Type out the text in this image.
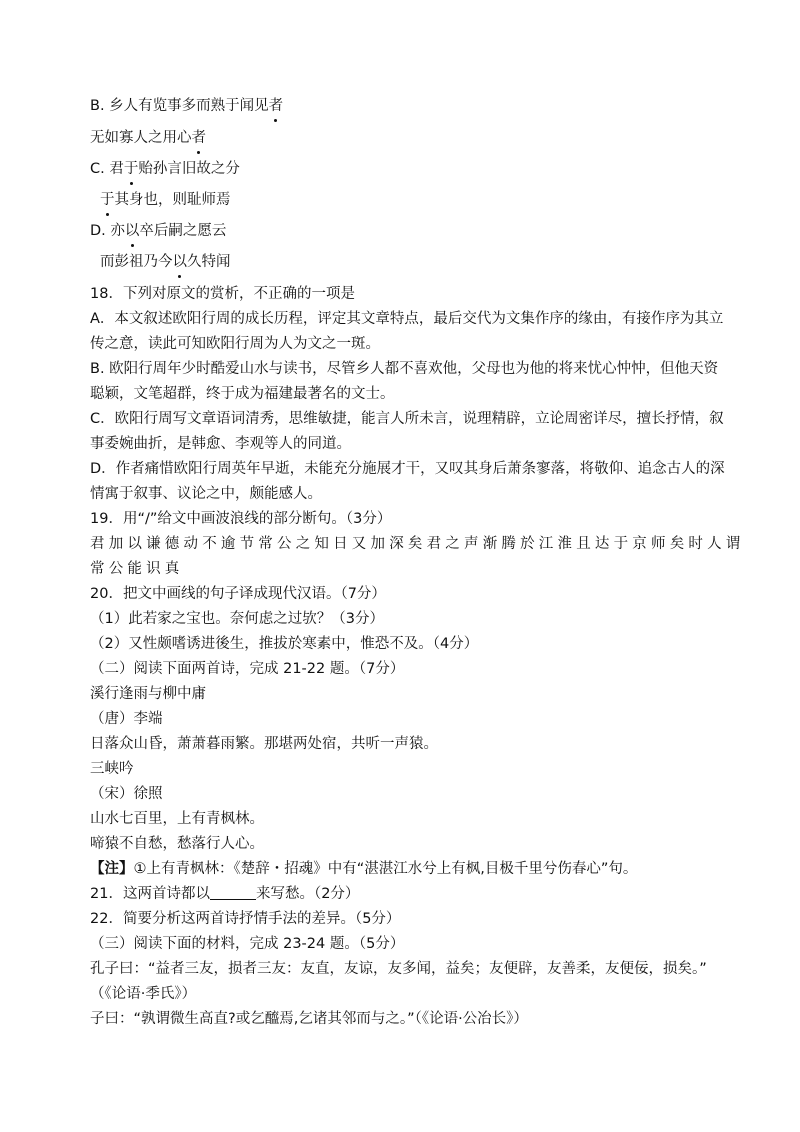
B. 乡人有览事多而熟于闻见者
无如寡人之用心者
C. 君于贻孙言旧故之分
于其身也，则耻师焉
D. 亦以卒后嗣之愿云
而彭祖乃今以久特闻
18．下列对原文的赏析，不正确的一项是
A．本文叙述欧阳行周的成长历程，评定其文章特点，最后交代为文集作序的缘由，有接作序为其立
传之意，读此可知欧阳行周为人为文之一斑。
B. 欧阳行周年少时酷爱山水与读书，尽管乡人都不喜欢他，父母也为他的将来忧心忡忡，但他天资
聪颖，文笔超群，终于成为福建最著名的文士。
C．欧阳行周写文章语词清秀，思维敏捷，能言人所未言，说理精辟，立论周密详尽，擅长抒情，叙
事委婉曲折，是韩愈、李观等人的同道。
D．作者痛惜欧阳行周英年早逝，未能充分施展才干，又叹其身后萧条寥落，将敬仰、追念古人的深
情寓于叙事、议论之中，颇能感人。
19．用“/”给文中画波浪线的部分断句。（3分）
君加以谦德动不逾节常公之知日又加深矣君之声渐腾於江淮且达于京师矣时人谓
常公能识真
20．把文中画线的句子译成现代汉语。（7分）
（1）此若家之宝也。奈何虑之过欤？（3分）
（2）又性颇嗜诱进後生，推拔於寒素中，惟恐不及。（4分）
（二）阅读下面两首诗，完成 21-22 题。（7分）
溪行逢雨与柳中庸
（唐）李端
日落众山昏，萧萧暮雨繁。那堪两处宿，共听一声猿。
三峡吟
（宋）徐照
山水七百里，上有青枫林。
啼猿不自愁，愁落行人心。
【注】①上有青枫林：《楚辞・招魂》中有“湛湛江水兮上有枫,目极千里兮伤春心”句。
21．这两首诗都以	来写愁。（2分）
22．简要分析这两首诗抒情手法的差异。（5分）
（三）阅读下面的材料，完成 23-24 题。（5分）
孔子曰：“益者三友，损者三友：友直，友谅，友多闻，益矣；友便辟，友善柔，友便佞，损矣。”
（《论语·季氏》）
子曰：“孰谓微生高直?或乞醯焉,乞诸其邻而与之。”（《论语·公冶长》）
